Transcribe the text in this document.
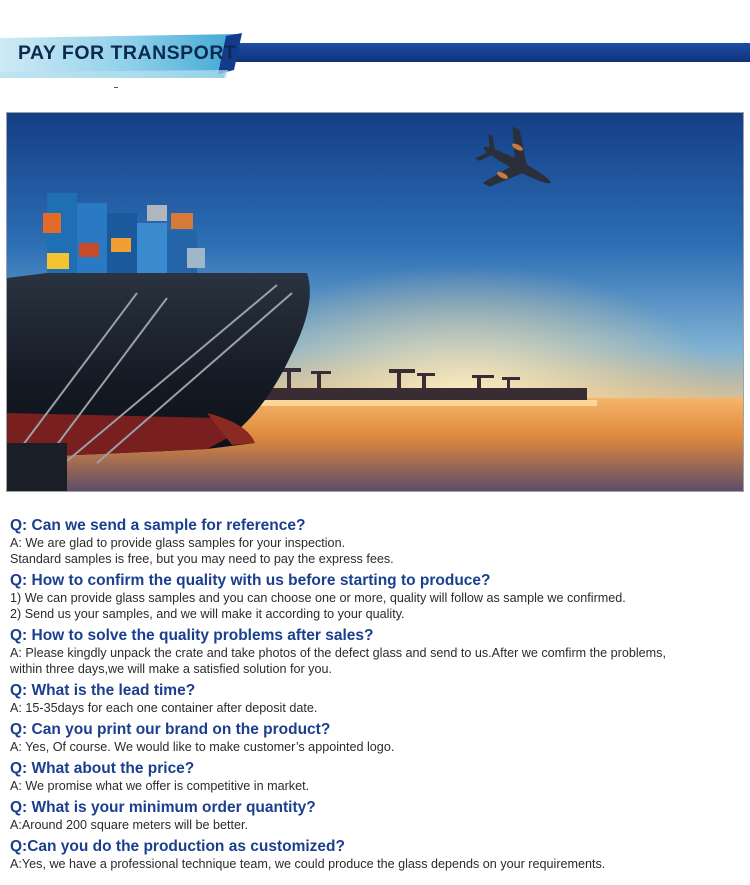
PAY FOR TRANSPORT
Q: Can we send a sample for reference?
A: We are glad to provide glass samples for your inspection.
Standard samples is free, but you may need to pay the express fees.
Q: How to confirm the quality with us before starting to produce?
1) We can provide glass samples and you can choose one or more, quality will follow as sample we confirmed.
2) Send us your samples, and we will make it according to your quality.
Q: How to solve the quality problems after sales?
A: Please kingdly unpack the crate and take photos of the defect glass and send to us.After we comfirm the problems,
within three days,we will make a satisfied solution for you.
Q: What is the lead time?
A: 15-35days for each one container after deposit date.
Q: Can you print our brand on the product?
A: Yes, Of course. We would like to make customer’s appointed logo.
Q: What about the price?
A: We promise what we offer is competitive in market.
Q: What is your minimum order quantity?
A:Around 200 square meters will be better.
Q:Can you do the production as customized?
A:Yes, we have a professional technique team, we could produce the glass depends on your requirements.
